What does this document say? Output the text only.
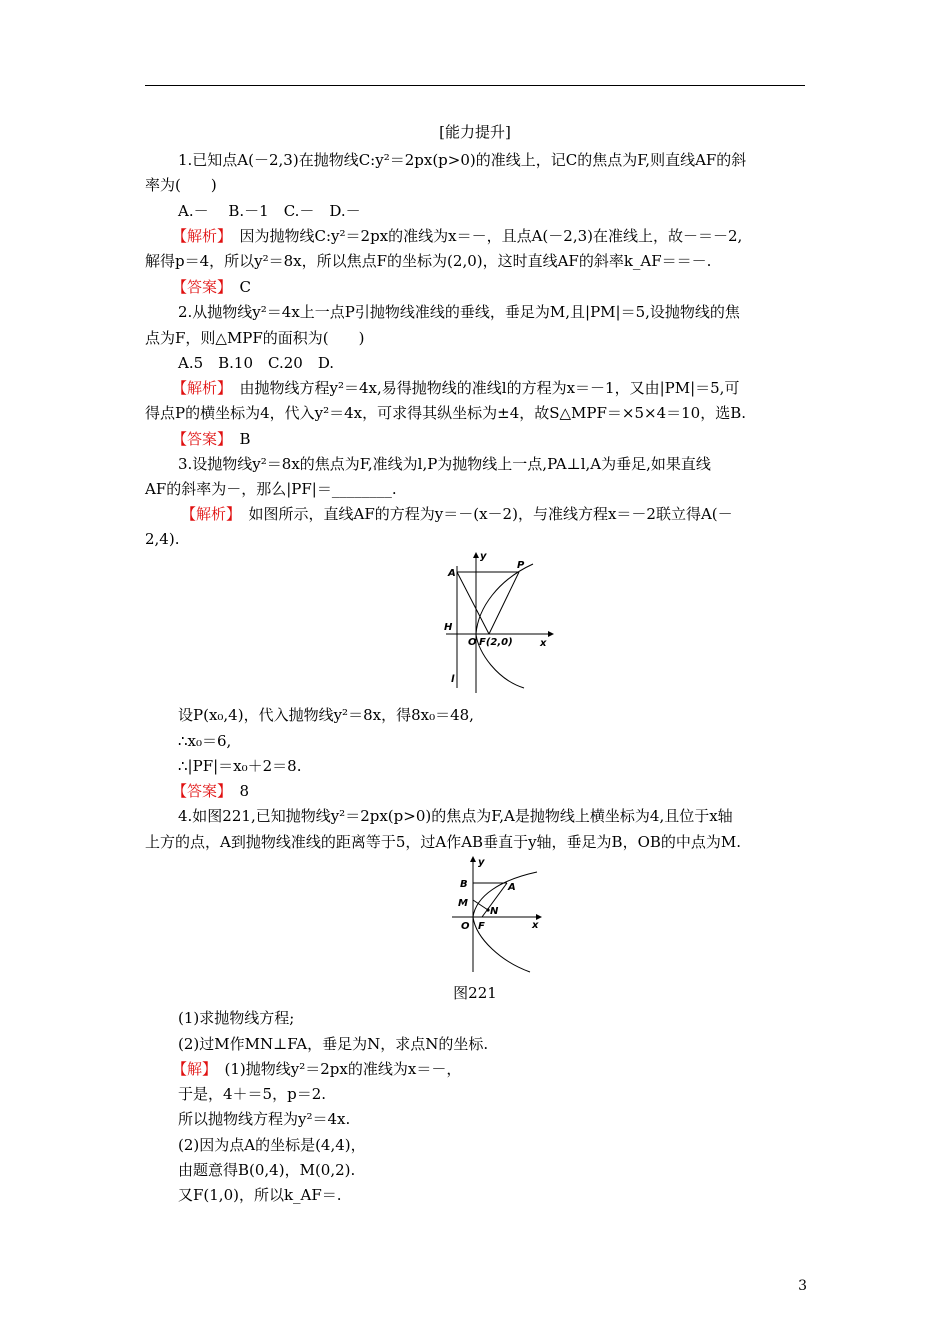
[能力提升]
1.已知点A(－2,3)在抛物线C:y²＝2px(p>0)的准线上，记C的焦点为F,则直线AF的斜
率为(　　)
A.－　 B.－1　C.－　D.－
【解析】　因为抛物线C:y²＝2px的准线为x＝－，且点A(－2,3)在准线上，故－＝－2,
解得p＝4，所以y²＝8x，所以焦点F的坐标为(2,0)，这时直线AF的斜率k_AF＝＝－.
【答案】　C
2.从抛物线y²＝4x上一点P引抛物线准线的垂线，垂足为M,且|PM|＝5,设抛物线的焦
点为F，则△MPF的面积为(　　)
A.5　B.10　C.20　D.
【解析】　由抛物线方程y²＝4x,易得抛物线的准线l的方程为x＝－1，又由|PM|＝5,可
得点P的横坐标为4，代入y²＝4x，可求得其纵坐标为±4，故S△MPF＝×5×4＝10，选B.
【答案】　B
3.设抛物线y²＝8x的焦点为F,准线为l,P为抛物线上一点,PA⊥l,A为垂足,如果直线
AF的斜率为－，那么|PF|＝________.
【解析】　如图所示，直线AF的方程为y＝－(x－2)，与准线方程x＝－2联立得A(－
2,4).
y
A
P
H
O F(2,0)	x
l
设P(x₀,4)，代入抛物线y²＝8x，得8x₀＝48,
∴x₀＝6,
∴|PF|＝x₀＋2＝8.
【答案】　8
4.如图221,已知抛物线y²＝2px(p>0)的焦点为F,A是抛物线上横坐标为4,且位于x轴
上方的点，A到抛物线准线的距离等于5，过A作AB垂直于y轴，垂足为B，OB的中点为M.
y
B	A
M
N
O F	x
图221
(1)求抛物线方程;
(2)过M作MN⊥FA，垂足为N，求点N的坐标.
【解】　(1)抛物线y²＝2px的准线为x＝－，
于是，4＋＝5，p＝2.
所以抛物线方程为y²＝4x.
(2)因为点A的坐标是(4,4)，
由题意得B(0,4)，M(0,2).
又F(1,0)，所以k_AF＝.
3
